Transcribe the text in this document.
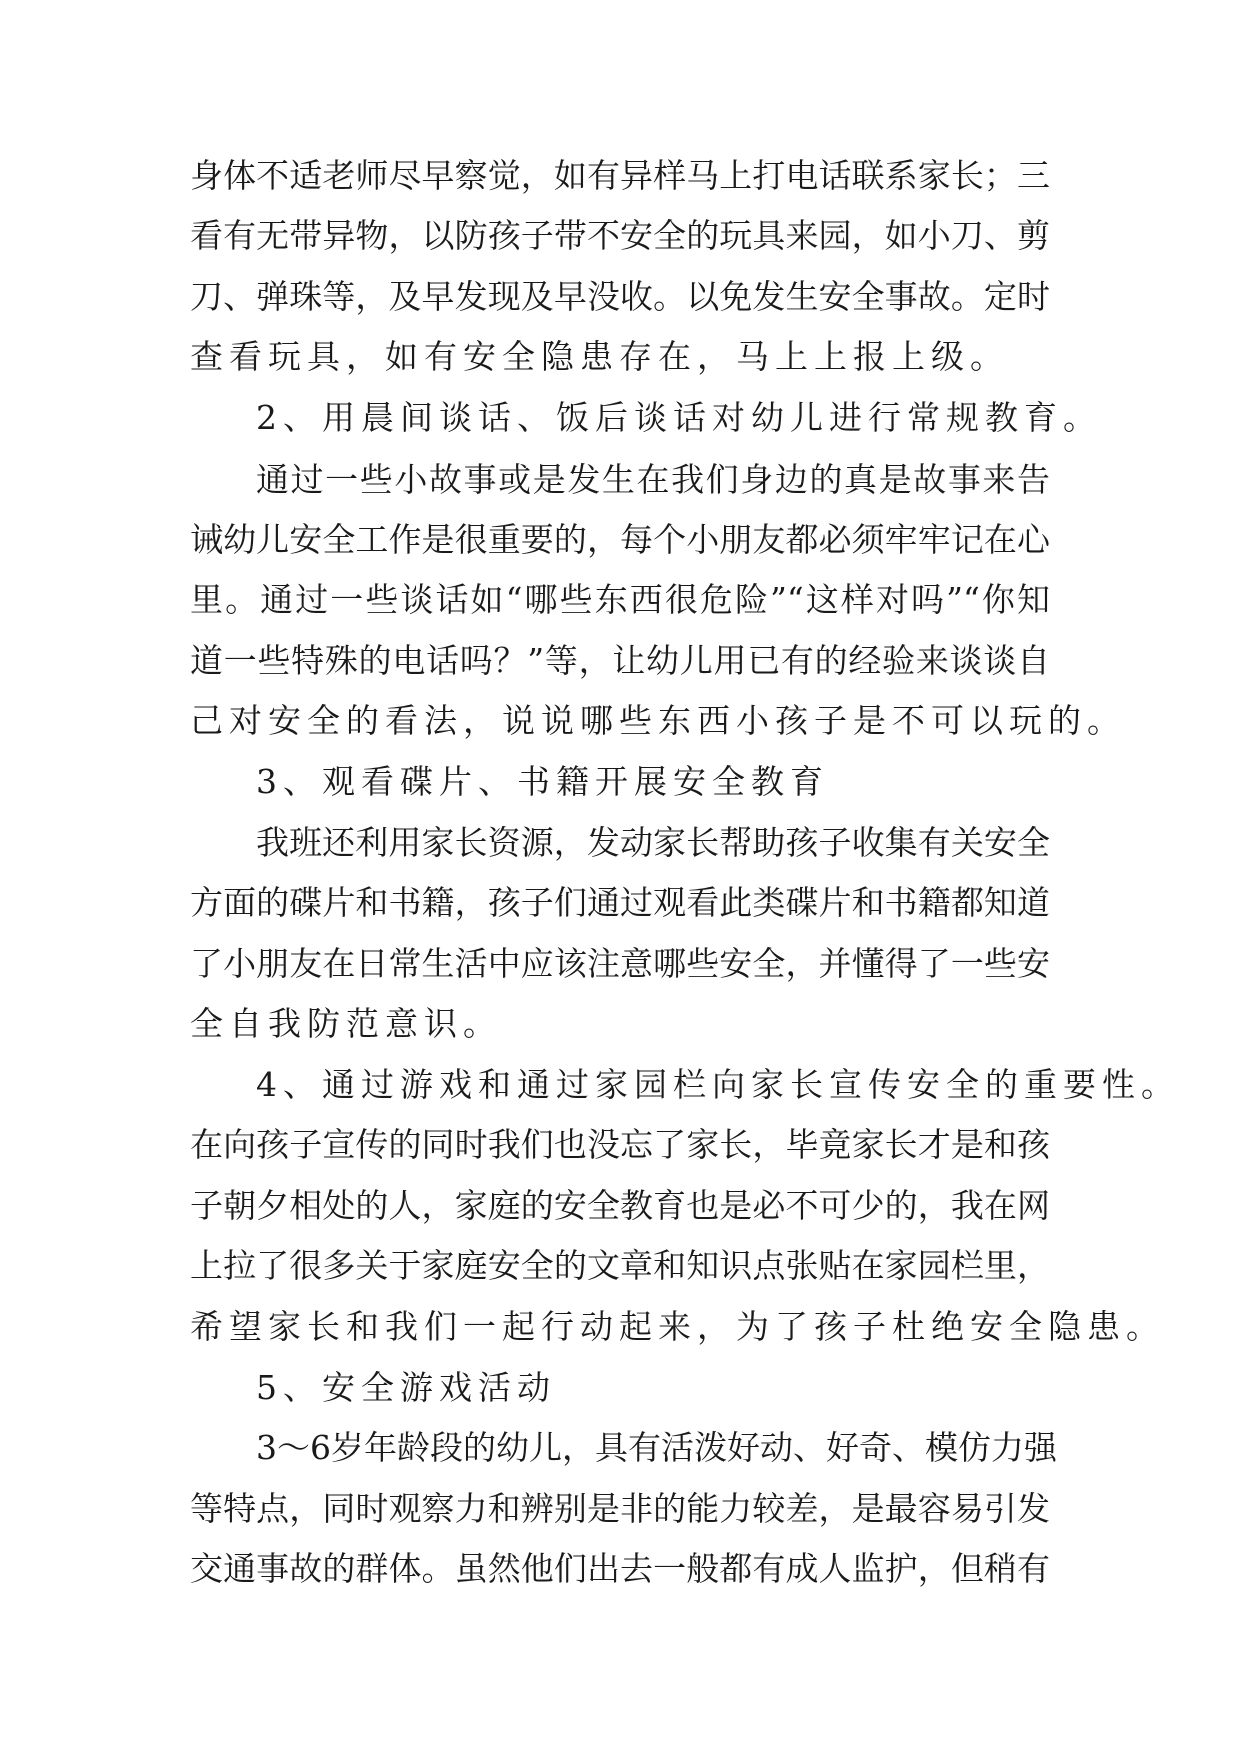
身体不适老师尽早察觉，如有异样马上打电话联系家长；三
看有无带异物，以防孩子带不安全的玩具来园，如小刀、剪
刀、弹珠等，及早发现及早没收。以免发生安全事故。定时
查看玩具，如有安全隐患存在，马上上报上级。
2、用晨间谈话、饭后谈话对幼儿进行常规教育。
通过一些小故事或是发生在我们身边的真是故事来告
诫幼儿安全工作是很重要的，每个小朋友都必须牢牢记在心
里。通过一些谈话如“哪些东西很危险”“这样对吗”“你知
道一些特殊的电话吗？”等，让幼儿用已有的经验来谈谈自
己对安全的看法，说说哪些东西小孩子是不可以玩的。
3、观看碟片、书籍开展安全教育
我班还利用家长资源，发动家长帮助孩子收集有关安全
方面的碟片和书籍，孩子们通过观看此类碟片和书籍都知道
了小朋友在日常生活中应该注意哪些安全，并懂得了一些安
全自我防范意识。
4、通过游戏和通过家园栏向家长宣传安全的重要性。
在向孩子宣传的同时我们也没忘了家长，毕竟家长才是和孩
子朝夕相处的人，家庭的安全教育也是必不可少的，我在网
上拉了很多关于家庭安全的文章和知识点张贴在家园栏里，
希望家长和我们一起行动起来，为了孩子杜绝安全隐患。
5、安全游戏活动
3～6岁年龄段的幼儿，具有活泼好动、好奇、模仿力强
等特点，同时观察力和辨别是非的能力较差，是最容易引发
交通事故的群体。虽然他们出去一般都有成人监护，但稍有
